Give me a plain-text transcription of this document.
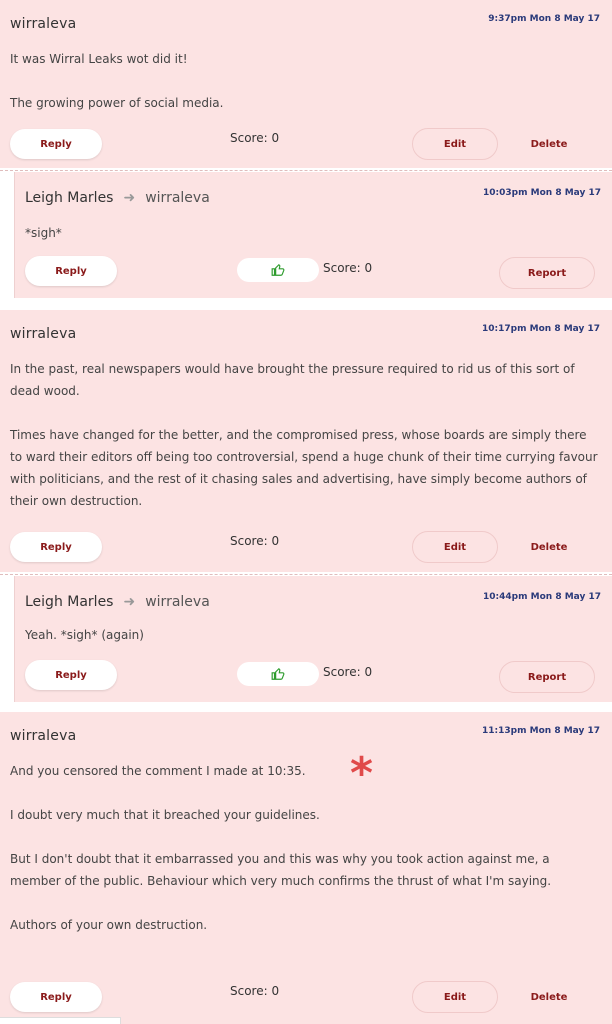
wirraleva	9:37pm Mon 8 May 17

It was Wirral Leaks wot did it!

The growing power of social media.

Reply	Score: 0	Edit	Delete
Leigh Marles ➜ wirraleva	10:03pm Mon 8 May 17
*sigh*
Reply	Score: 0	Report
wirraleva	10:17pm Mon 8 May 17

In the past, real newspapers would have brought the pressure required to rid us of this sort of dead wood.

Times have changed for the better, and the compromised press, whose boards are simply there to ward their editors off being too controversial, spend a huge chunk of their time currying favour with politicians, and the rest of it chasing sales and advertising, have simply become authors of their own destruction.

Reply	Score: 0	Edit	Delete
Leigh Marles ➜ wirraleva	10:44pm Mon 8 May 17
Yeah. *sigh* (again)
Reply	Score: 0	Report
wirraleva	11:13pm Mon 8 May 17

And you censored the comment I made at 10:35.

I doubt very much that it breached your guidelines.

But I don't doubt that it embarrassed you and this was why you took action against me, a member of the public. Behaviour which very much confirms the thrust of what I'm saying.

Authors of your own destruction.

*
Reply	Score: 0	Edit	Delete
